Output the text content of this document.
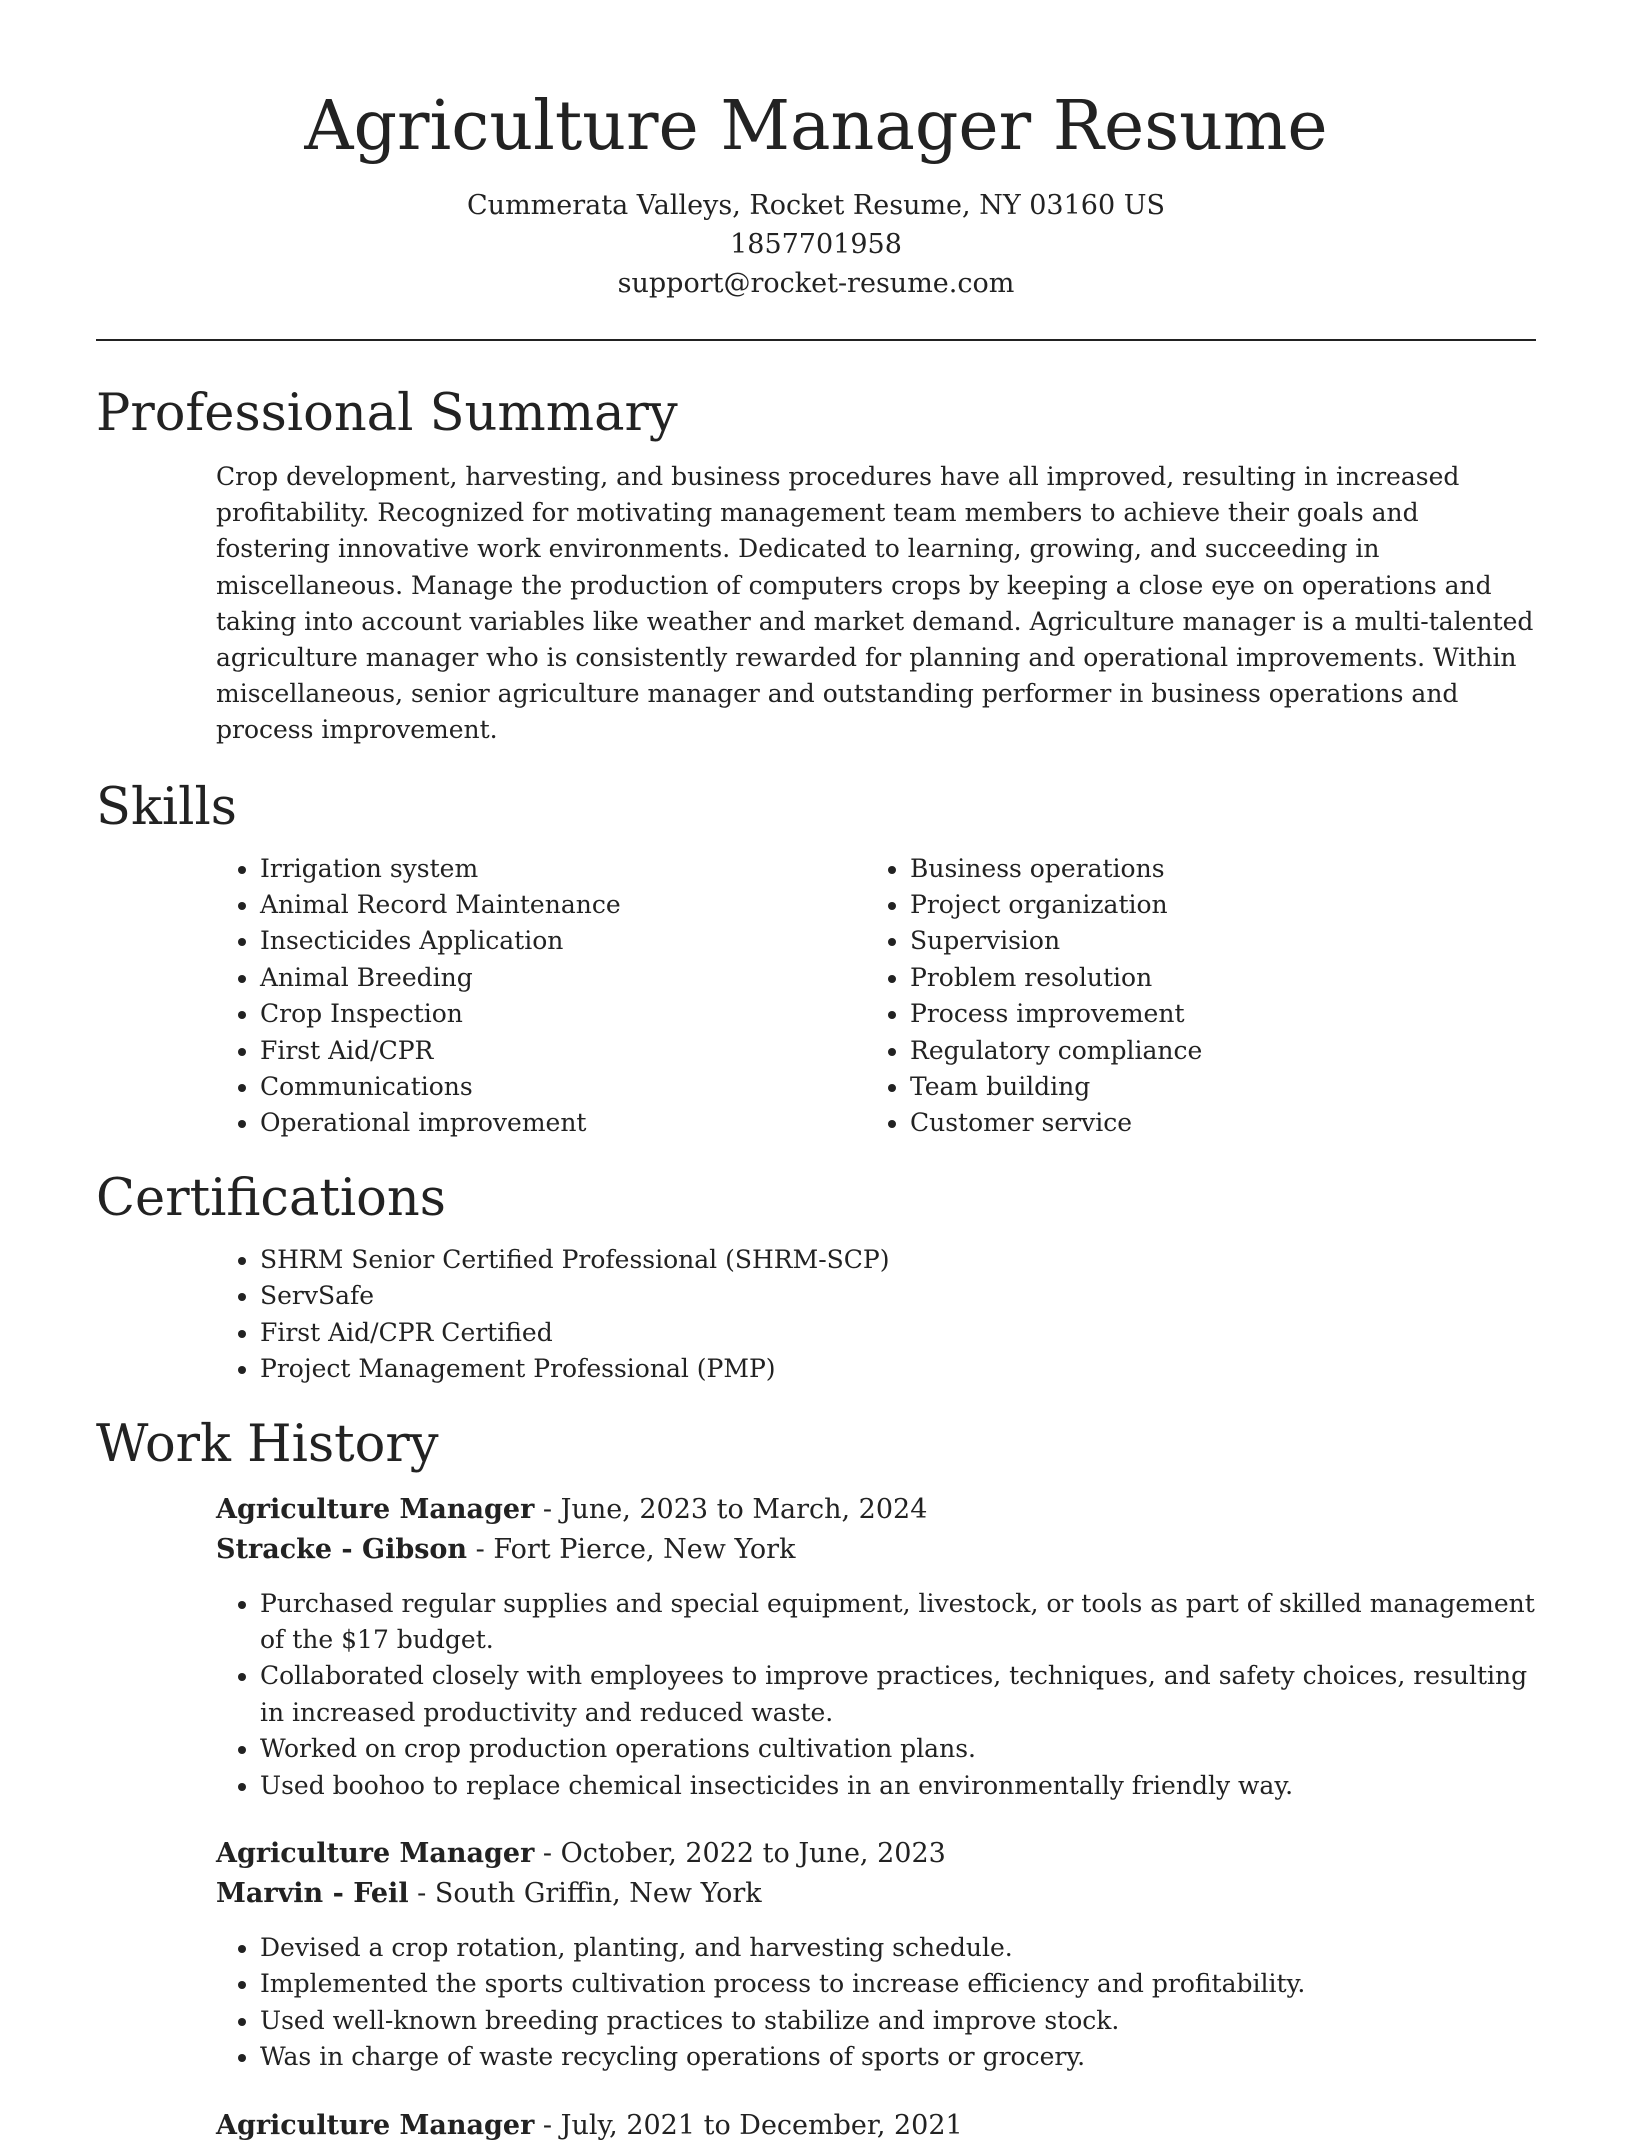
Agriculture Manager Resume
Cummerata Valleys, Rocket Resume, NY 03160 US
1857701958
support@rocket-resume.com
Professional Summary
Crop development, harvesting, and business procedures have all improved, resulting in increased profitability. Recognized for motivating management team members to achieve their goals and fostering innovative work environments. Dedicated to learning, growing, and succeeding in miscellaneous. Manage the production of computers crops by keeping a close eye on operations and taking into account variables like weather and market demand. Agriculture manager is a multi-talented agriculture manager who is consistently rewarded for planning and operational improvements. Within miscellaneous, senior agriculture manager and outstanding performer in business operations and process improvement.
Skills
• Irrigation system
• Animal Record Maintenance
• Insecticides Application
• Animal Breeding
• Crop Inspection
• First Aid/CPR
• Communications
• Operational improvement
• Business operations
• Project organization
• Supervision
• Problem resolution
• Process improvement
• Regulatory compliance
• Team building
• Customer service
Certifications
• SHRM Senior Certified Professional (SHRM-SCP)
• ServSafe
• First Aid/CPR Certified
• Project Management Professional (PMP)
Work History
Agriculture Manager - June, 2023 to March, 2024
Stracke - Gibson - Fort Pierce, New York
• Purchased regular supplies and special equipment, livestock, or tools as part of skilled management of the $17 budget.
• Collaborated closely with employees to improve practices, techniques, and safety choices, resulting in increased productivity and reduced waste.
• Worked on crop production operations cultivation plans.
• Used boohoo to replace chemical insecticides in an environmentally friendly way.
Agriculture Manager - October, 2022 to June, 2023
Marvin - Feil - South Griffin, New York
• Devised a crop rotation, planting, and harvesting schedule.
• Implemented the sports cultivation process to increase efficiency and profitability.
• Used well-known breeding practices to stabilize and improve stock.
• Was in charge of waste recycling operations of sports or grocery.
Agriculture Manager - July, 2021 to December, 2021
